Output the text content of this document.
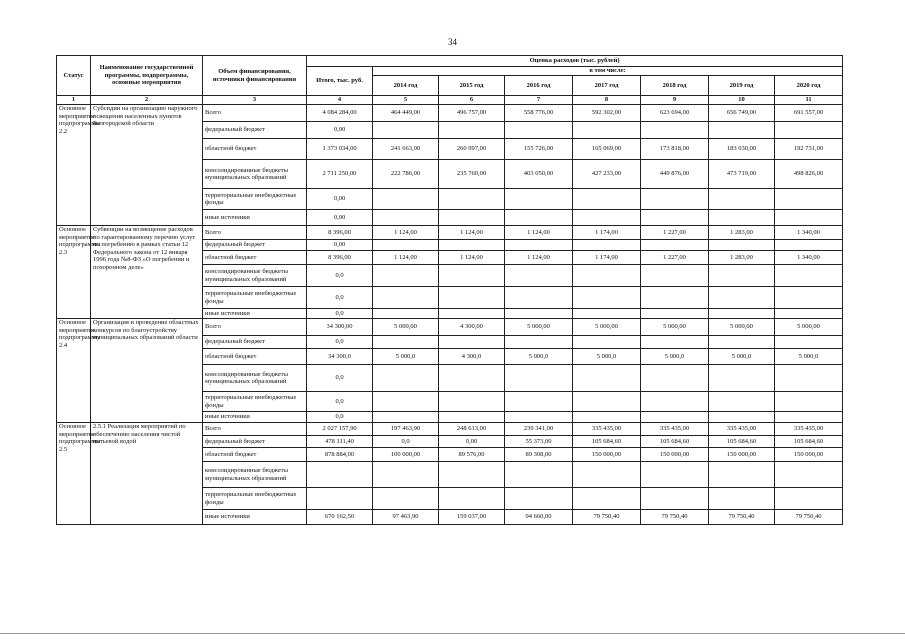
34
Статус	Наименование государственной программы, подпрограммы, основные мероприятия	Объем финансирования, источники финансирования	Оценка расходов (тыс. рублей)							
			Итого, тыс. руб.	в том числе:						
				2014 год	2015 год	2016 год	2017 год	2018 год	2019 год	2020 год
1	2	3	4	5	6	7	8	9	10	11
Основное мероприятие подпрограммы 2.2	Субсидии на организацию наружного освещения населенных пунктов Белгородской области	Всего	4 084 284,00	464 449,00	496 757,00	558 776,00	592 302,00	623 694,00	656 749,00	691 557,00
		федеральный бюджет	0,00							
		областной бюджет	1 373 034,00	241 663,00	260 997,00	155 726,00	165 069,00	173 818,00	183 030,00	192 731,00
		консолидированные бюджеты муниципальных образований	2 711 250,00	222 786,00	235 760,00	403 050,00	427 233,00	449 876,00	473 719,00	498 826,00
		территориальные внебюджетные фонды	0,00							
		иные источники	0,00							
Основное мероприятие подпрограммы 2.3	Субвенции на возмещение расходов по гарантированному перечню услуг по погребению в рамках статьи 12 Федерального закона от 12 января 1996 года №8-ФЗ «О погребении и похоронном деле»	Всего	8 396,00	1 124,00	1 124,00	1 124,00	1 174,00	1 227,00	1 283,00	1 340,00
		федеральный бюджет	0,00							
		областной бюджет	8 396,00	1 124,00	1 124,00	1 124,00	1 174,00	1 227,00	1 283,00	1 340,00
		консолидированные бюджеты муниципальных образований	0,0							
		территориальные внебюджетные фонды	0,0							
		иные источники	0,0							
Основное мероприятие подпрограммы 2.4	Организация и проведение областных конкурсов по благоустройству муниципальных образований области	Всего	34 300,00	5 000,00	4 300,00	5 000,00	5 000,00	5 000,00	5 000,00	5 000,00
		федеральный бюджет	0,0							
		областной бюджет	34 300,0	5 000,0	4 300,0	5 000,0	5 000,0	5 000,0	5 000,0	5 000,0
		консолидированные бюджеты муниципальных образований	0,0							
		территориальные внебюджетные фонды	0,0							
		иные источники	0,0							
Основное мероприятие подпрограммы 2.5	2.5.1 Реализация мероприятий по обеспечению населения чистой питьевой водой	Всего	2 027 157,90	197 463,90	248 613,00	239 341,00	335 435,00	335 435,00	335 435,00	335 435,00
		федеральный бюджет	478 111,40	0,0	0,00	55 373,00	105 684,60	105 684,60	105 684,60	105 684,60
		областной бюджет	878 884,00	100 000,00	89 576,00	89 308,00	150 000,00	150 000,00	150 000,00	150 000,00
		консолидированные бюджеты муниципальных образований								
		территориальные внебюджетные фонды								
		иные источники	670 162,50	97 463,90	159 037,00	94 660,00	79 750,40	79 750,40	79 750,40	79 750,40
